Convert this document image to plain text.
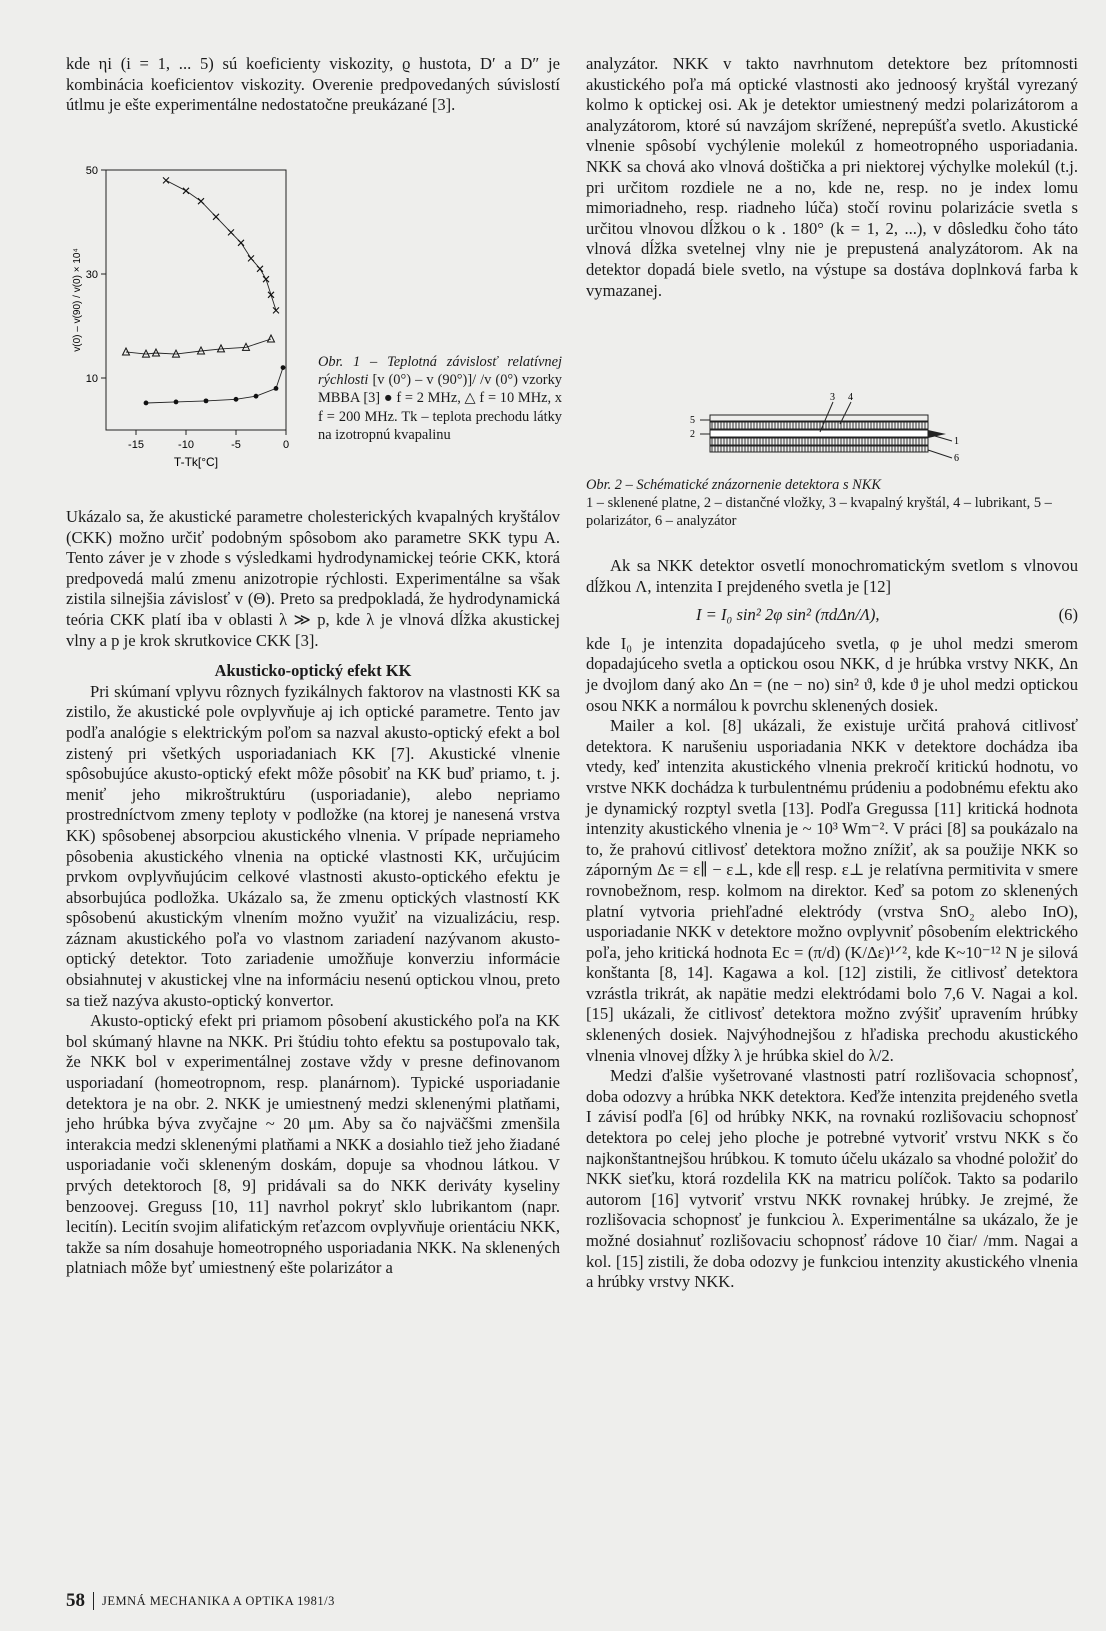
kde ηi (i = 1, ... 5) sú koeficienty viskozity, ϱ hustota, D′ a D″ je kombinácia koeficientov viskozity. Overenie predpovedaných súvislostí útlmu je ešte experimentálne nedostatočne preukázané [3].

50
30
10
-15	-10	-5	0
T-Tk[°C]
v(0) – v(90) / v(0) × 10⁴
Obr. 1 – Teplotná závislosť relatívnej rýchlosti [v (0°) – v (90°)]/ /v (0°) vzorky MBBA [3] ● f = 2 MHz, △ f = 10 MHz, x f = 200 MHz. Tk – teplota prechodu látky na izotropnú kvapalinu

Ukázalo sa, že akustické parametre cholesterických kvapalných kryštálov (CKK) možno určiť podobným spôsobom ako parametre SKK typu A. Tento záver je v zhode s výsledkami hydrodynamickej teórie CKK, ktorá predpovedá malú zmenu anizotropie rýchlosti. Experimentálne sa však zistila silnejšia závislosť v (Θ). Preto sa predpokladá, že hydrodynamická teória CKK platí iba v oblasti λ ≫ p, kde λ je vlnová dĺžka akustickej vlny a p je krok skrutkovice CKK [3].

Akusticko-optický efekt KK

Pri skúmaní vplyvu rôznych fyzikálnych faktorov na vlastnosti KK sa zistilo, že akustické pole ovplyvňuje aj ich optické parametre. Tento jav podľa analógie s elektrickým poľom sa nazval akusto-optický efekt a bol zistený pri všetkých usporiadaniach KK [7]. Akustické vlnenie spôsobujúce akusto-optický efekt môže pôsobiť na KK buď priamo, t. j. meniť jeho mikroštruktúru (usporiadanie), alebo nepriamo prostredníctvom zmeny teploty v podložke (na ktorej je nanesená vrstva KK) spôsobenej absorpciou akustického vlnenia. V prípade nepriameho pôsobenia akustického vlnenia na optické vlastnosti KK, určujúcim prvkom ovplyvňujúcim celkové vlastnosti akusto-optického efektu je absorbujúca podložka. Ukázalo sa, že zmenu optických vlastností KK spôsobenú akustickým vlnením možno využiť na vizualizáciu, resp. záznam akustického poľa vo vlastnom zariadení nazývanom akusto-optický detektor. Toto zariadenie umožňuje konverziu informácie obsiahnutej v akustickej vlne na informáciu nesenú optickou vlnou, preto sa tiež nazýva akusto-optický konvertor.

Akusto-optický efekt pri priamom pôsobení akustického poľa na KK bol skúmaný hlavne na NKK. Pri štúdiu tohto efektu sa postupovalo tak, že NKK bol v experimentálnej zostave vždy v presne definovanom usporiadaní (homeotropnom, resp. planárnom). Typické usporiadanie detektora je na obr. 2. NKK je umiestnený medzi sklenenými platňami, jeho hrúbka býva zvyčajne ~ 20 μm. Aby sa čo najväčšmi zmenšila interakcia medzi sklenenými platňami a NKK a dosiahlo tiež jeho žiadané usporiadanie voči skleneným doskám, dopuje sa vhodnou látkou. V prvých detektoroch [8, 9] pridávali sa do NKK deriváty kyseliny benzoovej. Greguss [10, 11] navrhol pokryť sklo lubrikantom (napr. lecitín). Lecitín svojim alifatickým reťazcom ovplyvňuje orientáciu NKK, takže sa ním dosahuje homeotropného usporiadania NKK. Na sklenených platniach môže byť umiestnený ešte polarizátor a

analyzátor. NKK v takto navrhnutom detektore bez prítomnosti akustického poľa má optické vlastnosti ako jednoosý kryštál vyrezaný kolmo k optickej osi. Ak je detektor umiestnený medzi polarizátorom a analyzátorom, ktoré sú navzájom skrížené, neprepúšťa svetlo. Akustické vlnenie spôsobí vychýlenie molekúl z homeotropného usporiadania. NKK sa chová ako vlnová doštička a pri niektorej výchylke molekúl (t.j. pri určitom rozdiele ne a no, kde ne, resp. no je index lomu mimoriadneho, resp. riadneho lúča) stočí rovinu polarizácie svetla s určitou vlnovou dĺžkou o k . 180° (k = 1, 2, ...), v dôsledku čoho táto vlnová dĺžka svetelnej vlny nie je prepustená analyzátorom. Ak na detektor dopadá biele svetlo, na výstupe sa dostáva doplnková farba k vymazanej.

3 4
5
2
1
6
Obr. 2 – Schématické znázornenie detektora s NKK
1 – sklenené platne, 2 – distančné vložky, 3 – kvapalný kryštál, 4 – lubrikant, 5 – polarizátor, 6 – analyzátor

Ak sa NKK detektor osvetlí monochromatickým svetlom s vlnovou dĺžkou Λ, intenzita I prejdeného svetla je [12]

I = I₀ sin² 2φ sin² (πdΔn/Λ),	(6)

kde I₀ je intenzita dopadajúceho svetla, φ je uhol medzi smerom dopadajúceho svetla a optickou osou NKK, d je hrúbka vrstvy NKK, Δn je dvojlom daný ako Δn = (ne − no) sin² ϑ, kde ϑ je uhol medzi optickou osou NKK a normálou k povrchu sklenených dosiek.

Mailer a kol. [8] ukázali, že existuje určitá prahová citlivosť detektora. K narušeniu usporiadania NKK v detektore dochádza iba vtedy, keď intenzita akustického vlnenia prekročí kritickú hodnotu, vo vrstve NKK dochádza k turbulentnému prúdeniu a podobnému efektu ako je dynamický rozptyl svetla [13]. Podľa Gregussa [11] kritická hodnota intenzity akustického vlnenia je ~ 10³ Wm⁻². V práci [8] sa poukázalo na to, že prahovú citlivosť detektora možno znížiť, ak sa použije NKK so záporným Δε = ε∥ − ε⊥, kde ε∥ resp. ε⊥ je relatívna permitivita v smere rovnobežnom, resp. kolmom na direktor. Keď sa potom zo sklenených platní vytvoria priehľadné elektródy (vrstva SnO₂ alebo InO), usporiadanie NKK v detektore možno ovplyvniť pôsobením elektrického poľa, jeho kritická hodnota Ec = (π/d) (K/Δε)¹ᐟ², kde K~10⁻¹² N je silová konštanta [8, 14]. Kagawa a kol. [12] zistili, že citlivosť detektora vzrástla trikrát, ak napätie medzi elektródami bolo 7,6 V. Nagai a kol. [15] ukázali, že citlivosť detektora možno zvýšiť upravením hrúbky sklenených dosiek. Najvýhodnejšou z hľadiska prechodu akustického vlnenia vlnovej dĺžky λ je hrúbka skiel do λ/2.

Medzi ďalšie vyšetrované vlastnosti patrí rozlišovacia schopnosť, doba odozvy a hrúbka NKK detektora. Keďže intenzita prejdeného svetla I závisí podľa [6] od hrúbky NKK, na rovnakú rozlišovaciu schopnosť detektora po celej jeho ploche je potrebné vytvoriť vrstvu NKK s čo najkonštantnejšou hrúbkou. K tomuto účelu ukázalo sa vhodné položiť do NKK sieťku, ktorá rozdelila KK na matricu políčok. Takto sa podarilo autorom [16] vytvoriť vrstvu NKK rovnakej hrúbky. Je zrejmé, že rozlišovacia schopnosť je funkciou λ. Experimentálne sa ukázalo, že je možné dosiahnuť rozlišovaciu schopnosť rádove 10 čiar/ /mm. Nagai a kol. [15] zistili, že doba odozvy je funkciou intenzity akustického vlnenia a hrúbky vrstvy NKK.

58 JEMNÁ MECHANIKA A OPTIKA 1981/3
